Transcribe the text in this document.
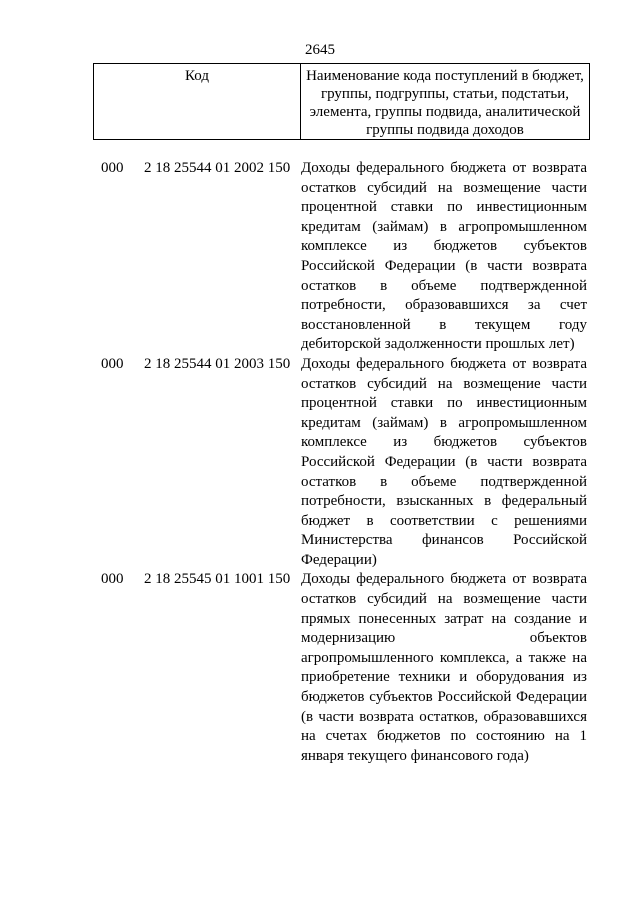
2645
Код	Наименование кода поступлений в бюджет, группы, подгруппы, статьи, подстатьи, элемента, группы подвида, аналитической группы подвида доходов
000 2 18 25544 01 2002 150 Доходы федерального бюджета от возврата остатков субсидий на возмещение части процентной ставки по инвестиционным кредитам (займам) в агропромышленном комплексе из бюджетов субъектов Российской Федерации (в части возврата остатков в объеме подтвержденной потребности, образовавшихся за счет восстановленной в текущем году дебиторской задолженности прошлых лет)
000 2 18 25544 01 2003 150 Доходы федерального бюджета от возврата остатков субсидий на возмещение части процентной ставки по инвестиционным кредитам (займам) в агропромышленном комплексе из бюджетов субъектов Российской Федерации (в части возврата остатков в объеме подтвержденной потребности, взысканных в федеральный бюджет в соответствии с решениями Министерства финансов Российской Федерации)
000 2 18 25545 01 1001 150 Доходы федерального бюджета от возврата остатков субсидий на возмещение части прямых понесенных затрат на создание и модернизацию объектов агропромышленного комплекса, а также на приобретение техники и оборудования из бюджетов субъектов Российской Федерации (в части возврата остатков, образовавшихся на счетах бюджетов по состоянию на 1 января текущего финансового года)
